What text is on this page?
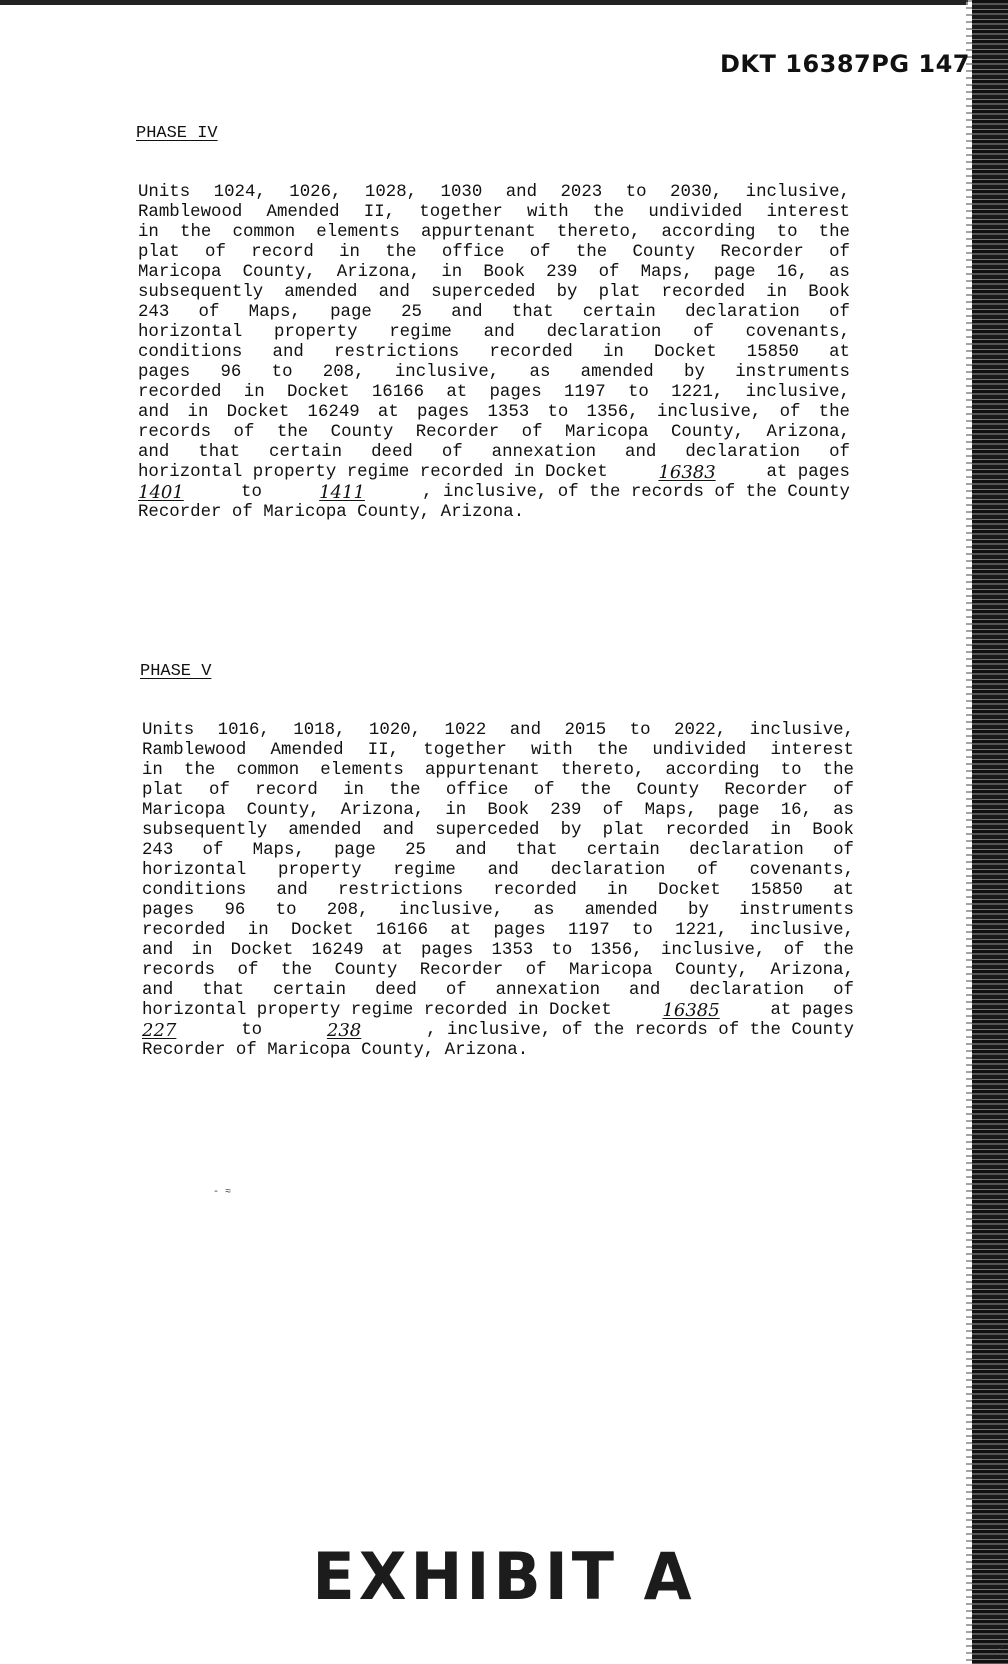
DKT 16387PG 147
PHASE IV
Units 1024, 1026, 1028, 1030 and 2023 to 2030, inclusive,
Ramblewood Amended II, together with the undivided interest
in the common elements appurtenant thereto, according to the
plat of record in the office of the County Recorder of
Maricopa County, Arizona, in Book 239 of Maps, page 16, as
subsequently amended and superceded by plat recorded in Book
243 of Maps, page 25 and that certain declaration of
horizontal property regime and declaration of covenants,
conditions and restrictions recorded in Docket 15850 at
pages 96 to 208, inclusive, as amended by instruments
recorded in Docket 16166 at pages 1197 to 1221, inclusive,
and in Docket 16249 at pages 1353 to 1356, inclusive, of the
records of the County Recorder of Maricopa County, Arizona,
and that certain deed of annexation and declaration of
horizontal property regime recorded in Docket	16383	at pages
1401	to	1411	, inclusive, of the records of the County
Recorder of Maricopa County, Arizona.
PHASE V
Units 1016, 1018, 1020, 1022 and 2015 to 2022, inclusive,
Ramblewood Amended II, together with the undivided interest
in the common elements appurtenant thereto, according to the
plat of record in the office of the County Recorder of
Maricopa County, Arizona, in Book 239 of Maps, page 16, as
subsequently amended and superceded by plat recorded in Book
243 of Maps, page 25 and that certain declaration of
horizontal property regime and declaration of covenants,
conditions and restrictions recorded in Docket 15850 at
pages 96 to 208, inclusive, as amended by instruments
recorded in Docket 16166 at pages 1197 to 1221, inclusive,
and in Docket 16249 at pages 1353 to 1356, inclusive, of the
records of the County Recorder of Maricopa County, Arizona,
and that certain deed of annexation and declaration of
horizontal property regime recorded in Docket	16385	at pages
227	to	238	, inclusive, of the records of the County
Recorder of Maricopa County, Arizona.
- ≈
EXHIBIT A
⁖
